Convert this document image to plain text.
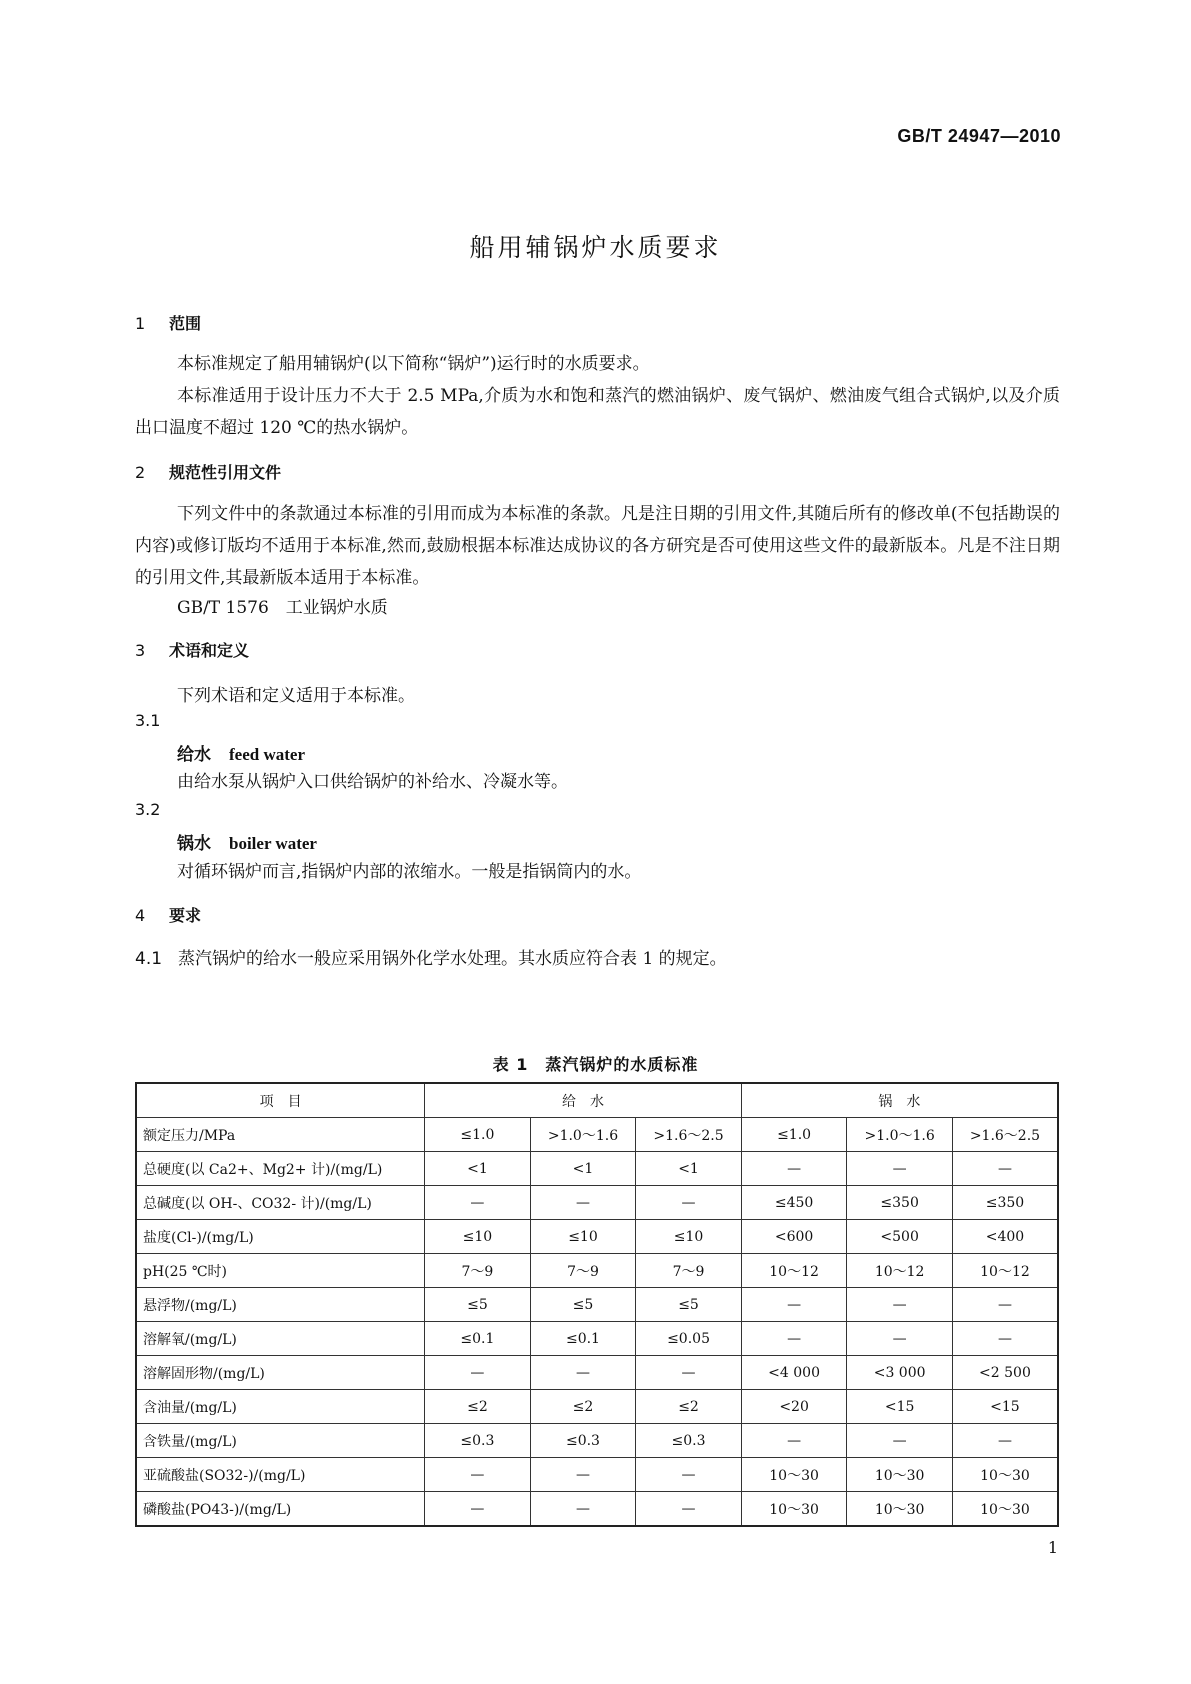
GB/T 24947—2010
船用辅锅炉水质要求
1 范围
本标准规定了船用辅锅炉(以下简称“锅炉”)运行时的水质要求。
本标准适用于设计压力不大于 2.5 MPa,介质为水和饱和蒸汽的燃油锅炉、废气锅炉、燃油废气组合式锅炉,以及介质出口温度不超过 120 ℃的热水锅炉。
2 规范性引用文件
下列文件中的条款通过本标准的引用而成为本标准的条款。凡是注日期的引用文件,其随后所有的修改单(不包括勘误的内容)或修订版均不适用于本标准,然而,鼓励根据本标准达成协议的各方研究是否可使用这些文件的最新版本。凡是不注日期的引用文件,其最新版本适用于本标准。
GB/T 1576　工业锅炉水质
3 术语和定义
下列术语和定义适用于本标准。
3.1
给水 feed water
由给水泵从锅炉入口供给锅炉的补给水、冷凝水等。
3.2
锅水 boiler water
对循环锅炉而言,指锅炉内部的浓缩水。一般是指锅筒内的水。
4 要求
4.1 蒸汽锅炉的给水一般应采用锅外化学水处理。其水质应符合表 1 的规定。
表 1　蒸汽锅炉的水质标准
项　目	给　水			锅　水		
额定压力/MPa	≤1.0	>1.0～1.6	>1.6～2.5	≤1.0	>1.0～1.6	>1.6～2.5
总硬度(以 Ca2+、Mg2+ 计)/(mg/L)	<1	<1	<1	—	—	—
总碱度(以 OH-、CO32- 计)/(mg/L)	—	—	—	≤450	≤350	≤350
盐度(Cl-)/(mg/L)	≤10	≤10	≤10	<600	<500	<400
pH(25 ℃时)	7～9	7～9	7～9	10～12	10～12	10～12
悬浮物/(mg/L)	≤5	≤5	≤5	—	—	—
溶解氧/(mg/L)	≤0.1	≤0.1	≤0.05	—	—	—
溶解固形物/(mg/L)	—	—	—	<4 000	<3 000	<2 500
含油量/(mg/L)	≤2	≤2	≤2	<20	<15	<15
含铁量/(mg/L)	≤0.3	≤0.3	≤0.3	—	—	—
亚硫酸盐(SO32-)/(mg/L)	—	—	—	10～30	10～30	10～30
磷酸盐(PO43-)/(mg/L)	—	—	—	10～30	10～30	10～30
1
